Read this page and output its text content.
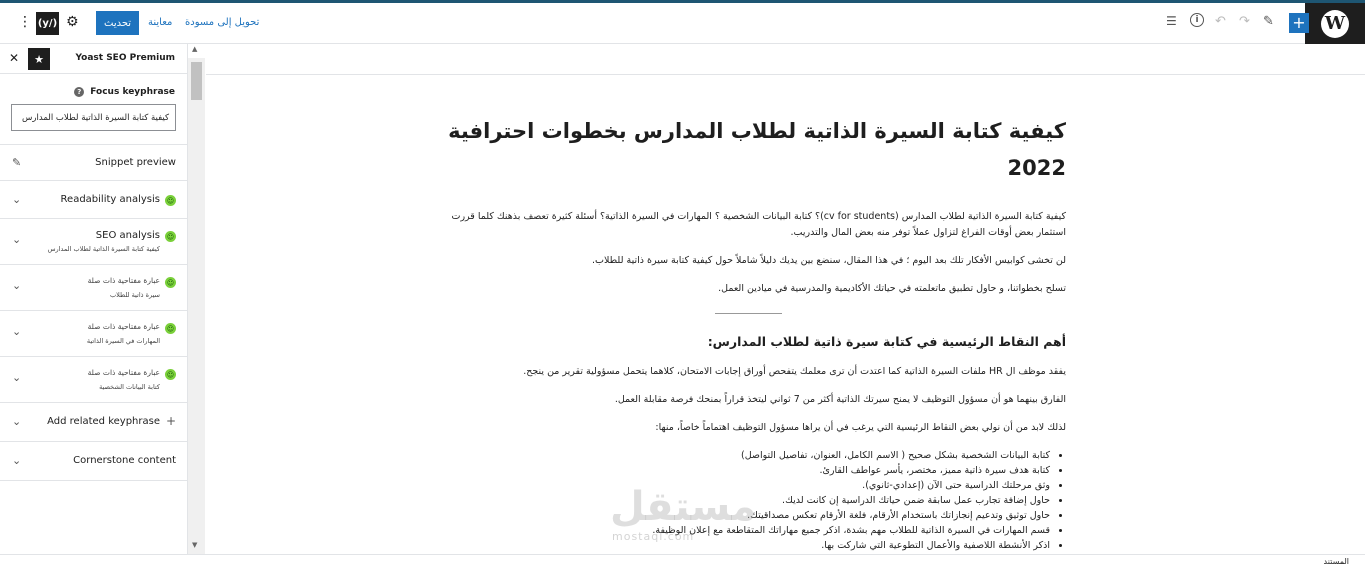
W
+
✎
↷
↶
i
☰
تحويل إلى مسودة
معاينة
تحديث
⚙
(y/)
⋮
✕	★	Yoast SEO Premium
? Focus keyphrase
كيفية كتابة السيرة الذاتية لطلاب المدارس
✎	Snippet preview
⌄	Readability analysis ☺
⌄	SEO analysis
كيفية كتابة السيرة الذاتية لطلاب المدارس
☺
⌄	عبارة مفتاحية ذات صلة
سيرة ذاتية للطلاب
☺
⌄	عبارة مفتاحية ذات صلة
المهارات في السيرة الذاتية
☺
⌄	عبارة مفتاحية ذات صلة
كتابة البيانات الشخصية
☺
⌄	Add related keyphrase +
⌄	Cornerstone content
▲
▼
كيفية كتابة السيرة الذاتية لطلاب المدارس بخطوات احترافية 2022

كيفية كتابة السيرة الذاتية لطلاب المدارس (cv for students)؟ كتابة البيانات الشخصية ؟ المهارات في السيرة الذاتية؟ أسئلة كثيرة تعصف بذهنك كلما قررت استثمار بعض أوقات الفراغ لتزاول عملاً توفر منه بعض المال والتدريب.

لن تخشى كوابيس الأفكار تلك بعد اليوم ؛ في هذا المقال، سنضع بين يديك دليلاً شاملاً حول كيفية كتابة سيرة ذاتية للطلاب.

تسلح بخطواتنا، و حاول تطبيق ماتعلمته في حياتك الأكاديمية والمدرسية في ميادين العمل.

أهم النقاط الرئيسية في كتابة سيرة ذاتية لطلاب المدارس:

يفقد موظف ال HR ملفات السيرة الذاتية كما اعتدت أن ترى معلمك يتفحص أوراق إجابات الامتحان، كلاهما يتحمل مسؤولية تقرير من ينجح.

الفارق بينهما هو أن مسؤول التوظيف لا يمنح سيرتك الذاتية أكثر من 7 ثواني ليتخذ قراراً بمنحك فرصة مقابلة العمل.

لذلك لابد من أن نولي بعض النقاط الرئيسية التي يرغب في أن يراها مسؤول التوظيف اهتماماً خاصاً، منها:

• كتابة البيانات الشخصية بشكل صحيح ( الاسم الكامل، العنوان، تفاصيل التواصل)
• كتابة هدف سيرة ذاتية مميز، مختصر، يأسر عواطف القارئ.
• وثق مرحلتك الدراسية حتى الآن (إعدادي-ثانوي).
• حاول إضافة تجارب عمل سابقة ضمن حياتك الدراسية إن كانت لديك.
• حاول توثيق وتدعيم إنجازاتك باستخدام الأرقام، فلغة الأرقام تعكس مصداقيتك.
• قسم المهارات في السيرة الذاتية للطلاب مهم بشدة، اذكر جميع مهاراتك المتقاطعة مع إعلان الوظيفة.
• اذكر الأنشطة اللاصفية والأعمال التطوعية التي شاركت بها.
مستقل
mostaql.com
المستند
